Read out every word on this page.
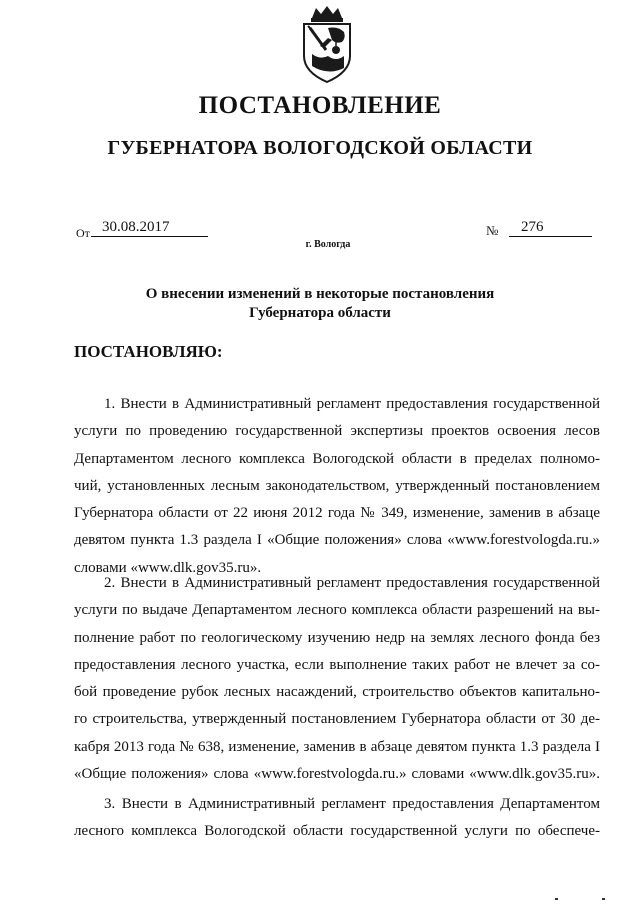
ПОСТАНОВЛЕНИЕ
ГУБЕРНАТОРА ВОЛОГОДСКОЙ ОБЛАСТИ
От 30.08.2017	№ 276
г. Вологда
О внесении изменений в некоторые постановления
Губернатора области
ПОСТАНОВЛЯЮ:
1. Внести в Административный регламент предоставления государственной
услуги по проведению государственной экспертизы проектов освоения лесов
Департаментом лесного комплекса Вологодской области в пределах полномо-
чий, установленных лесным законодательством, утвержденный постановлением
Губернатора области от 22 июня 2012 года № 349, изменение, заменив в абзаце
девятом пункта 1.3 раздела I «Общие положения» слова «www.forestvologda.ru.»
словами «www.dlk.gov35.ru».
2. Внести в Административный регламент предоставления государственной
услуги по выдаче Департаментом лесного комплекса области разрешений на вы-
полнение работ по геологическому изучению недр на землях лесного фонда без
предоставления лесного участка, если выполнение таких работ не влечет за со-
бой проведение рубок лесных насаждений, строительство объектов капитально-
го строительства, утвержденный постановлением Губернатора области от 30 де-
кабря 2013 года № 638, изменение, заменив в абзаце девятом пункта 1.3 раздела I
«Общие положения» слова «www.forestvologda.ru.» словами «www.dlk.gov35.ru».
3. Внести в Административный регламент предоставления Департаментом
лесного комплекса Вологодской области государственной услуги по обеспече-
